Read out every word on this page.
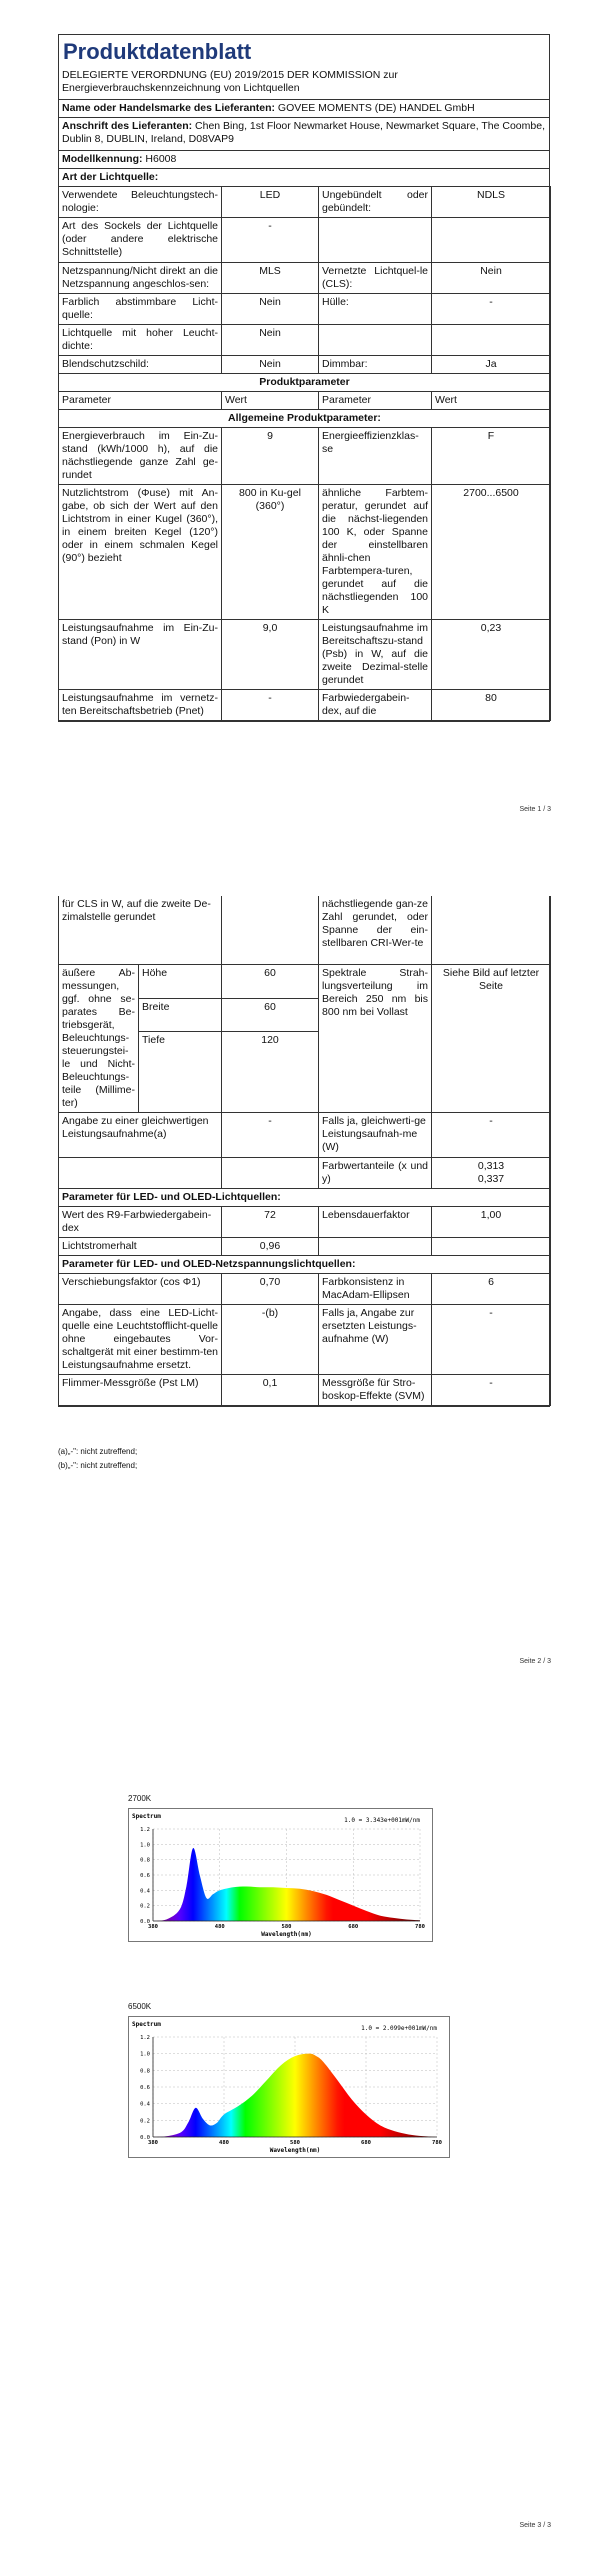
Produktdatenblatt
DELEGIERTE VERORDNUNG (EU) 2019/2015 DER KOMMISSION zur Energieverbrauchskennzeichnung von Lichtquellen
Name oder Handelsmarke des Lieferanten: GOVEE MOMENTS (DE) HANDEL GmbH
Anschrift des Lieferanten: Chen Bing, 1st Floor Newmarket House, Newmarket Square, The Coombe, Dublin 8, DUBLIN, Ireland, D08VAP9
Modellkennung: H6008
Art der Lichtquelle:
Verwendete Beleuchtungstech-nologie:	LED	Ungebündelt oder gebündelt:	NDLS
Art des Sockels der Lichtquelle (oder andere elektrische Schnittstelle)	-		
Netzspannung/Nicht direkt an die Netzspannung angeschlos-sen:	MLS	Vernetzte Lichtquel-le (CLS):	Nein
Farblich abstimmbare Licht-quelle:	Nein	Hülle:	-
Lichtquelle mit hoher Leucht-dichte:	Nein		
Blendschutzschild:	Nein	Dimmbar:	Ja
Produktparameter			
Parameter	Wert	Parameter	Wert
Allgemeine Produktparameter:			
Energieverbrauch im Ein-Zu-stand (kWh/1000 h), auf die nächstliegende ganze Zahl ge-rundet	9	Energieeffizienzklas-se	F
Nutzlichtstrom (Φuse) mit An-gabe, ob sich der Wert auf den Lichtstrom in einer Kugel (360°), in einem breiten Kegel (120°) oder in einem schmalen Kegel (90°) bezieht	800 in Ku-gel (360°)	ähnliche Farbtem-peratur, gerundet auf die nächst-liegenden 100 K, oder Spanne der einstellbaren ähnli-chen Farbtempera-turen, gerundet auf die nächstliegenden 100 K	2700...6500
Leistungsaufnahme im Ein-Zu-stand (Pon) in W	9,0	Leistungsaufnahme im Bereitschaftszu-stand (Psb) in W, auf die zweite Dezimal-stelle gerundet	0,23
Leistungsaufnahme im vernetz-ten Bereitschaftsbetrieb (Pnet)	-	Farbwiedergabein-dex, auf die	80
Seite 1 / 3
für CLS in W, auf die zweite De-zimalstelle gerundet			nächstliegende gan-ze Zahl gerundet, oder Spanne der ein-stellbaren CRI-Wer-te	
äußere Ab-messungen, ggf. ohne se-parates Be-triebsgerät, Beleuchtungs-steuerungstei-le und Nicht-Beleuchtungs-teile (Millime-ter)	Höhe	60	Spektrale Strah-lungsverteilung im Bereich 250 nm bis 800 nm bei Vollast	Siehe Bild auf letzter Seite
	Breite	60		
	Tiefe	120		
Angabe zu einer gleichwertigen Leistungsaufnahme(a)		-	Falls ja, gleichwerti-ge Leistungsaufnah-me (W)	-
			Farbwertanteile (x und y)	0,313
0,337

Parameter für LED- und OLED-Lichtquellen:				
Wert des R9-Farbwiedergabein-dex		72	Lebensdauerfaktor	1,00
Lichtstromerhalt		0,96		
Parameter für LED- und OLED-Netzspannungslichtquellen:				
Verschiebungsfaktor (cos Φ1)		0,70	Farbkonsistenz in MacAdam-Ellipsen	6
Angabe, dass eine LED-Licht-quelle eine Leuchtstofflicht-quelle ohne eingebautes Vor-schaltgerät mit einer bestimm-ten Leistungsaufnahme ersetzt.		-(b)	Falls ja, Angabe zur ersetzten Leistungs-aufnahme (W)	-
Flimmer-Messgröße (Pst LM)		0,1	Messgröße für Stro-boskop-Effekte (SVM)	-
(a)„-": nicht zutreffend;
(b)„-": nicht zutreffend;
Seite 2 / 3
2700K
Spectrum
1.0 = 3.343e+001mW/nm
0.0
0.2
0.4
0.6
0.8
1.0
1.2
380	480	580	680	780
Wavelength(nm)
6500K
Spectrum
1.0 = 2.099e+001mW/nm
0.0
0.2
0.4
0.6
0.8
1.0
1.2
380	480	580	680	780
Wavelength(nm)
Seite 3 / 3
